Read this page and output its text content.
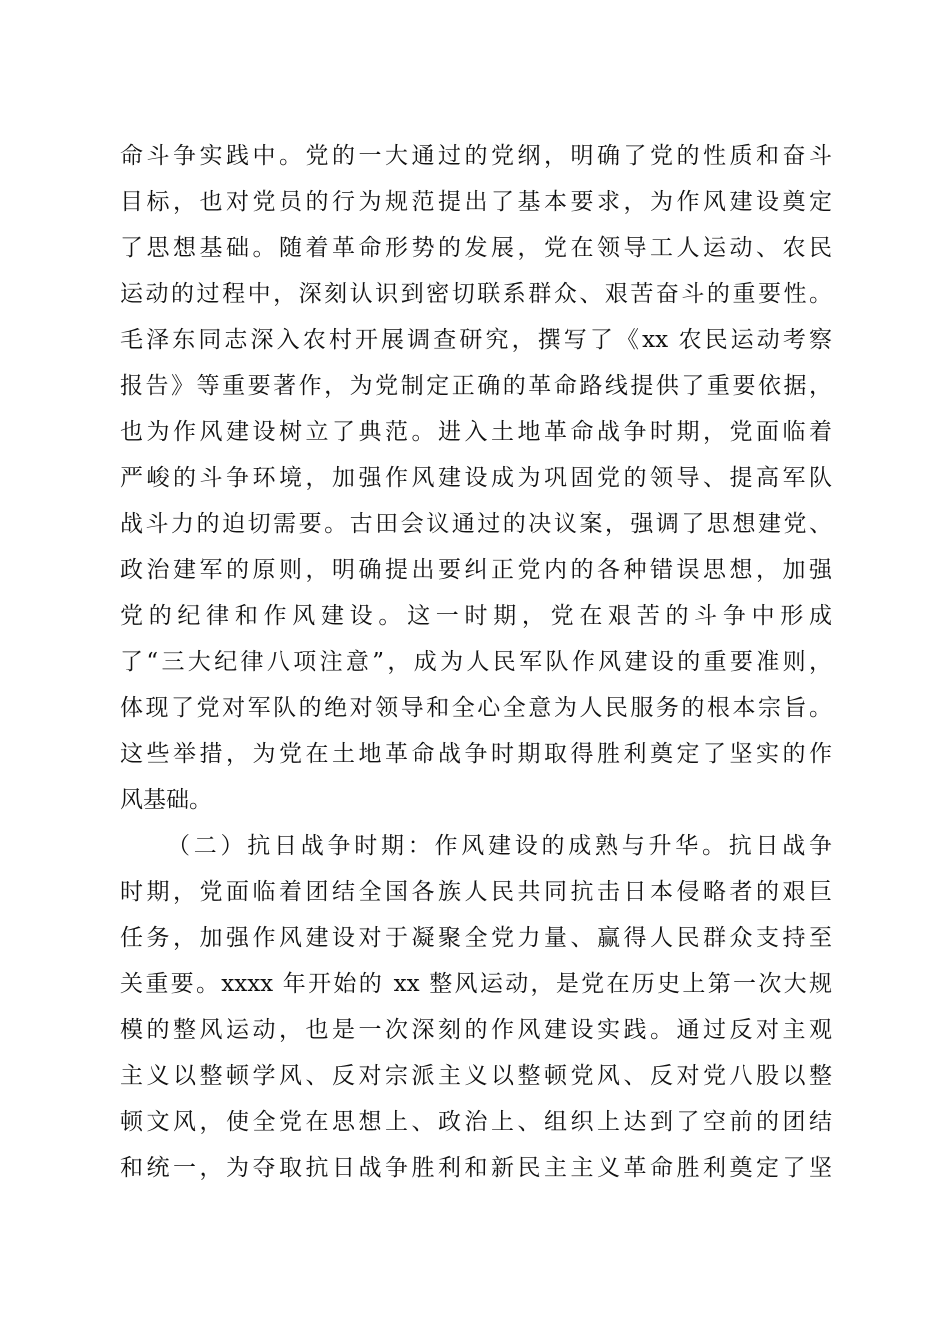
命斗争实践中。党的一大通过的党纲，明确了党的性质和奋斗
目标，也对党员的行为规范提出了基本要求，为作风建设奠定
了思想基础。随着革命形势的发展，党在领导工人运动、农民
运动的过程中，深刻认识到密切联系群众、艰苦奋斗的重要性。
毛泽东同志深入农村开展调查研究，撰写了《xx 农民运动考察
报告》等重要著作，为党制定正确的革命路线提供了重要依据，
也为作风建设树立了典范。进入土地革命战争时期，党面临着
严峻的斗争环境，加强作风建设成为巩固党的领导、提高军队
战斗力的迫切需要。古田会议通过的决议案，强调了思想建党、
政治建军的原则，明确提出要纠正党内的各种错误思想，加强
党的纪律和作风建设。这一时期，党在艰苦的斗争中形成
了“三大纪律八项注意”，成为人民军队作风建设的重要准则，
体现了党对军队的绝对领导和全心全意为人民服务的根本宗旨。
这些举措，为党在土地革命战争时期取得胜利奠定了坚实的作
风基础。
（二）抗日战争时期：作风建设的成熟与升华。抗日战争
时期，党面临着团结全国各族人民共同抗击日本侵略者的艰巨
任务，加强作风建设对于凝聚全党力量、赢得人民群众支持至
关重要。xxxx 年开始的 xx 整风运动，是党在历史上第一次大规
模的整风运动，也是一次深刻的作风建设实践。通过反对主观
主义以整顿学风、反对宗派主义以整顿党风、反对党八股以整
顿文风，使全党在思想上、政治上、组织上达到了空前的团结
和统一，为夺取抗日战争胜利和新民主主义革命胜利奠定了坚
